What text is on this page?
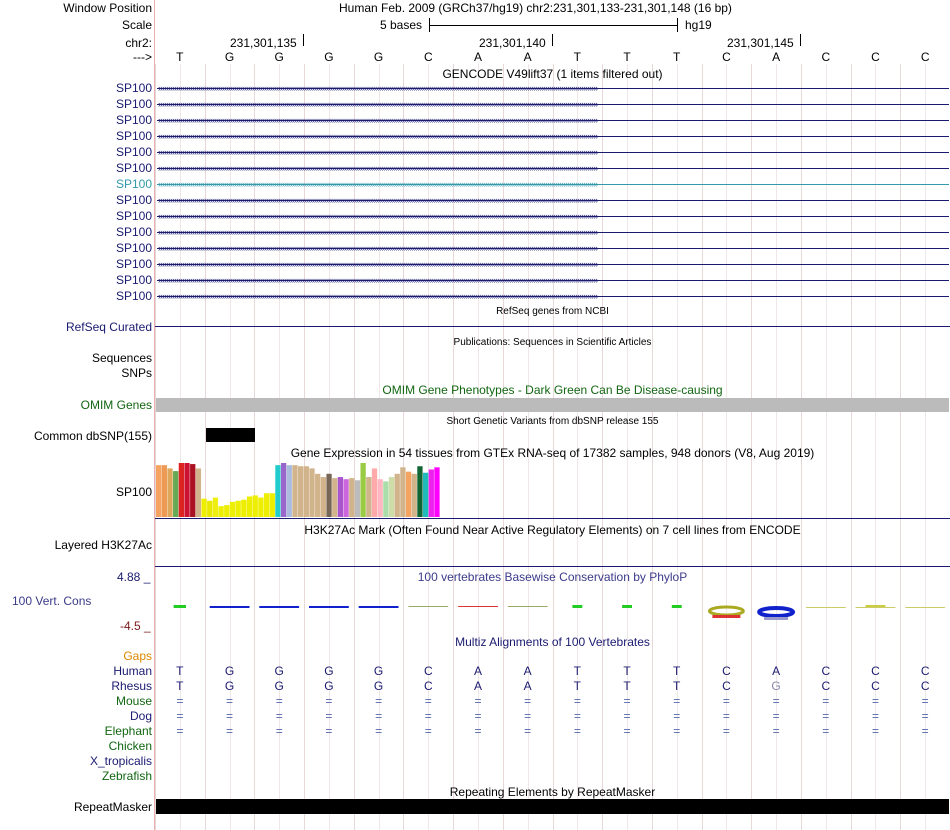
Window Position	Human Feb. 2009 (GRCh37/hg19) chr2:231,301,133-231,301,148 (16 bp)
Scale	5 bases	hg19
chr2:	231,301,135	231,301,140	231,301,145
--->	T	G	G	G	G	C	A	A	T	T	T	C	A	C	C	C
GENCODE V49lift37 (1 items filtered out)
SP100 ››››››››››››››››››››››››››››››››››››››››››››››››››››››››››››››››››››››››››››››››››››››››››››››››››››››››››››››››››››››››››››››››››››››››››››››››››››››››››››››››››››››››››››››››››››››››››››››››››››››››››››››››››››››››››››
SP100 ››››››››››››››››››››››››››››››››››››››››››››››››››››››››››››››››››››››››››››››››››››››››››››››››››››››››››››››››››››››››››››››››››››››››››››››››››››››››››››››››››››››››››››››››››››››››››››››››››››››››››››››››››››››››››››
SP100 ››››››››››››››››››››››››››››››››››››››››››››››››››››››››››››››››››››››››››››››››››››››››››››››››››››››››››››››››››››››››››››››››››››››››››››››››››››››››››››››››››››››››››››››››››››››››››››››››››››››››››››››››››››››››››››
SP100 ››››››››››››››››››››››››››››››››››››››››››››››››››››››››››››››››››››››››››››››››››››››››››››››››››››››››››››››››››››››››››››››››››››››››››››››››››››››››››››››››››››››››››››››››››››››››››››››››››››››››››››››››››››››››››››
SP100 ››››››››››››››››››››››››››››››››››››››››››››››››››››››››››››››››››››››››››››››››››››››››››››››››››››››››››››››››››››››››››››››››››››››››››››››››››››››››››››››››››››››››››››››››››››››››››››››››››››››››››››››››››››››››››››
SP100 ››››››››››››››››››››››››››››››››››››››››››››››››››››››››››››››››››››››››››››››››››››››››››››››››››››››››››››››››››››››››››››››››››››››››››››››››››››››››››››››››››››››››››››››››››››››››››››››››››››››››››››››››››››››››››››
SP100 ››››››››››››››››››››››››››››››››››››››››››››››››››››››››››››››››››››››››››››››››››››››››››››››››››››››››››››››››››››››››››››››››››››››››››››››››››››››››››››››››››››››››››››››››››››››››››››››››››››››››››››››››››››››››››››
SP100 ››››››››››››››››››››››››››››››››››››››››››››››››››››››››››››››››››››››››››››››››››››››››››››››››››››››››››››››››››››››››››››››››››››››››››››››››››››››››››››››››››››››››››››››››››››››››››››››››››››››››››››››››››››››››››››
SP100 ››››››››››››››››››››››››››››››››››››››››››››››››››››››››››››››››››››››››››››››››››››››››››››››››››››››››››››››››››››››››››››››››››››››››››››››››››››››››››››››››››››››››››››››››››››››››››››››››››››››››››››››››››››››››››››
SP100 ››››››››››››››››››››››››››››››››››››››››››››››››››››››››››››››››››››››››››››››››››››››››››››››››››››››››››››››››››››››››››››››››››››››››››››››››››››››››››››››››››››››››››››››››››››››››››››››››››››››››››››››››››››››››››››
SP100 ››››››››››››››››››››››››››››››››››››››››››››››››››››››››››››››››››››››››››››››››››››››››››››››››››››››››››››››››››››››››››››››››››››››››››››››››››››››››››››››››››››››››››››››››››››››››››››››››››››››››››››››››››››››››››››
SP100 ››››››››››››››››››››››››››››››››››››››››››››››››››››››››››››››››››››››››››››››››››››››››››››››››››››››››››››››››››››››››››››››››››››››››››››››››››››››››››››››››››››››››››››››››››››››››››››››››››››››››››››››››››››››››››››
SP100 ››››››››››››››››››››››››››››››››››››››››››››››››››››››››››››››››››››››››››››››››››››››››››››››››››››››››››››››››››››››››››››››››››››››››››››››››››››››››››››››››››››››››››››››››››››››››››››››››››››››››››››››››››››››››››››
SP100 ››››››››››››››››››››››››››››››››››››››››››››››››››››››››››››››››››››››››››››››››››››››››››››››››››››››››››››››››››››››››››››››››››››››››››››››››››››››››››››››››››››››››››››››››››››››››››››››››››››››››››››››››››››››››››››
RefSeq genes from NCBI
RefSeq Curated
Publications: Sequences in Scientific Articles
Sequences
SNPs
OMIM Gene Phenotypes - Dark Green Can Be Disease-causing
OMIM Genes
Short Genetic Variants from dbSNP release 155
Common dbSNP(155)
Gene Expression in 54 tissues from GTEx RNA-seq of 17382 samples, 948 donors (V8, Aug 2019)
SP100
H3K27Ac Mark (Often Found Near Active Regulatory Elements) on 7 cell lines from ENCODE
Layered H3K27Ac
100 vertebrates Basewise Conservation by PhyloP
4.88 _
100 Vert. Cons
-4.5 _
Multiz Alignments of 100 Vertebrates
Gaps
Human	T	G	G	G	G	C	A	A	T	T	T	C	A	C	C	C
Rhesus	T	G	G	G	G	C	A	A	T	T	T	C	G	C	C	C
Mouse	=	=	=	=	=	=	=	=	=	=	=	=	=	=	=	=
Dog	=	=	=	=	=	=	=	=	=	=	=	=	=	=	=	=
Elephant	=	=	=	=	=	=	=	=	=	=	=	=	=	=	=	=
Chicken
X_tropicalis
Zebrafish
Repeating Elements by RepeatMasker
RepeatMasker
